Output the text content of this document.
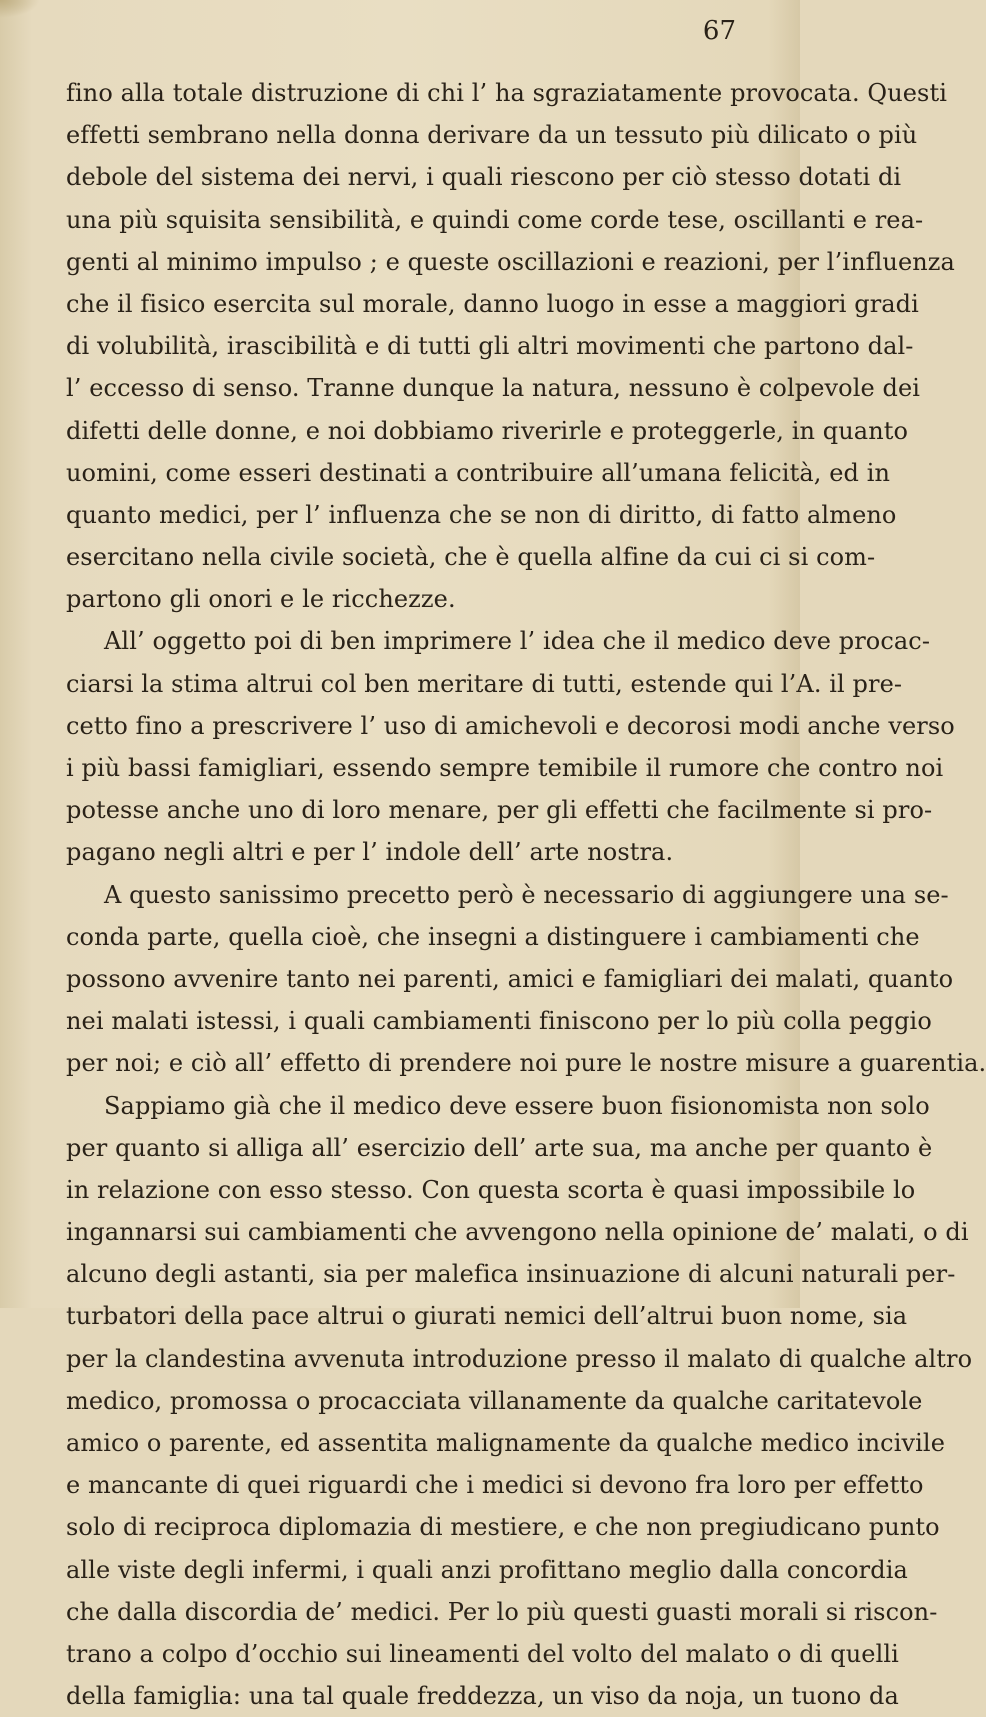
67
fino alla totale distruzione di chi l’ ha sgraziatamente provocata. Questi
effetti sembrano nella donna derivare da un tessuto più dilicato o più
debole del sistema dei nervi, i quali riescono per ciò stesso dotati di
una più squisita sensibilità, e quindi come corde tese, oscillanti e rea-
genti al minimo impulso ; e queste oscillazioni e reazioni, per l’influenza
che il fisico esercita sul morale, danno luogo in esse a maggiori gradi
di volubilità, irascibilità e di tutti gli altri movimenti che partono dal-
l’ eccesso di senso. Tranne dunque la natura, nessuno è colpevole dei
difetti delle donne, e noi dobbiamo riverirle e proteggerle, in quanto
uomini, come esseri destinati a contribuire all’umana felicità, ed in
quanto medici, per l’ influenza che se non di diritto, di fatto almeno
esercitano nella civile società, che è quella alfine da cui ci si com-
partono gli onori e le ricchezze.
All’ oggetto poi di ben imprimere l’ idea che il medico deve procac-
ciarsi la stima altrui col ben meritare di tutti, estende qui l’A. il pre-
cetto fino a prescrivere l’ uso di amichevoli e decorosi modi anche verso
i più bassi famigliari, essendo sempre temibile il rumore che contro noi
potesse anche uno di loro menare, per gli effetti che facilmente si pro-
pagano negli altri e per l’ indole dell’ arte nostra.
A questo sanissimo precetto però è necessario di aggiungere una se-
conda parte, quella cioè, che insegni a distinguere i cambiamenti che
possono avvenire tanto nei parenti, amici e famigliari dei malati, quanto
nei malati istessi, i quali cambiamenti finiscono per lo più colla peggio
per noi; e ciò all’ effetto di prendere noi pure le nostre misure a guarentia.
Sappiamo già che il medico deve essere buon fisionomista non solo
per quanto si alliga all’ esercizio dell’ arte sua, ma anche per quanto è
in relazione con esso stesso. Con questa scorta è quasi impossibile lo
ingannarsi sui cambiamenti che avvengono nella opinione de’ malati, o di
alcuno degli astanti, sia per malefica insinuazione di alcuni naturali per-
turbatori della pace altrui o giurati nemici dell’altrui buon nome, sia
per la clandestina avvenuta introduzione presso il malato di qualche altro
medico, promossa o procacciata villanamente da qualche caritatevole
amico o parente, ed assentita malignamente da qualche medico incivile
e mancante di quei riguardi che i medici si devono fra loro per effetto
solo di reciproca diplomazia di mestiere, e che non pregiudicano punto
alle viste degli infermi, i quali anzi profittano meglio dalla concordia
che dalla discordia de’ medici. Per lo più questi guasti morali si riscon-
trano a colpo d’occhio sui lineamenti del volto del malato o di quelli
della famiglia: una tal quale freddezza, un viso da noja, un tuono da
